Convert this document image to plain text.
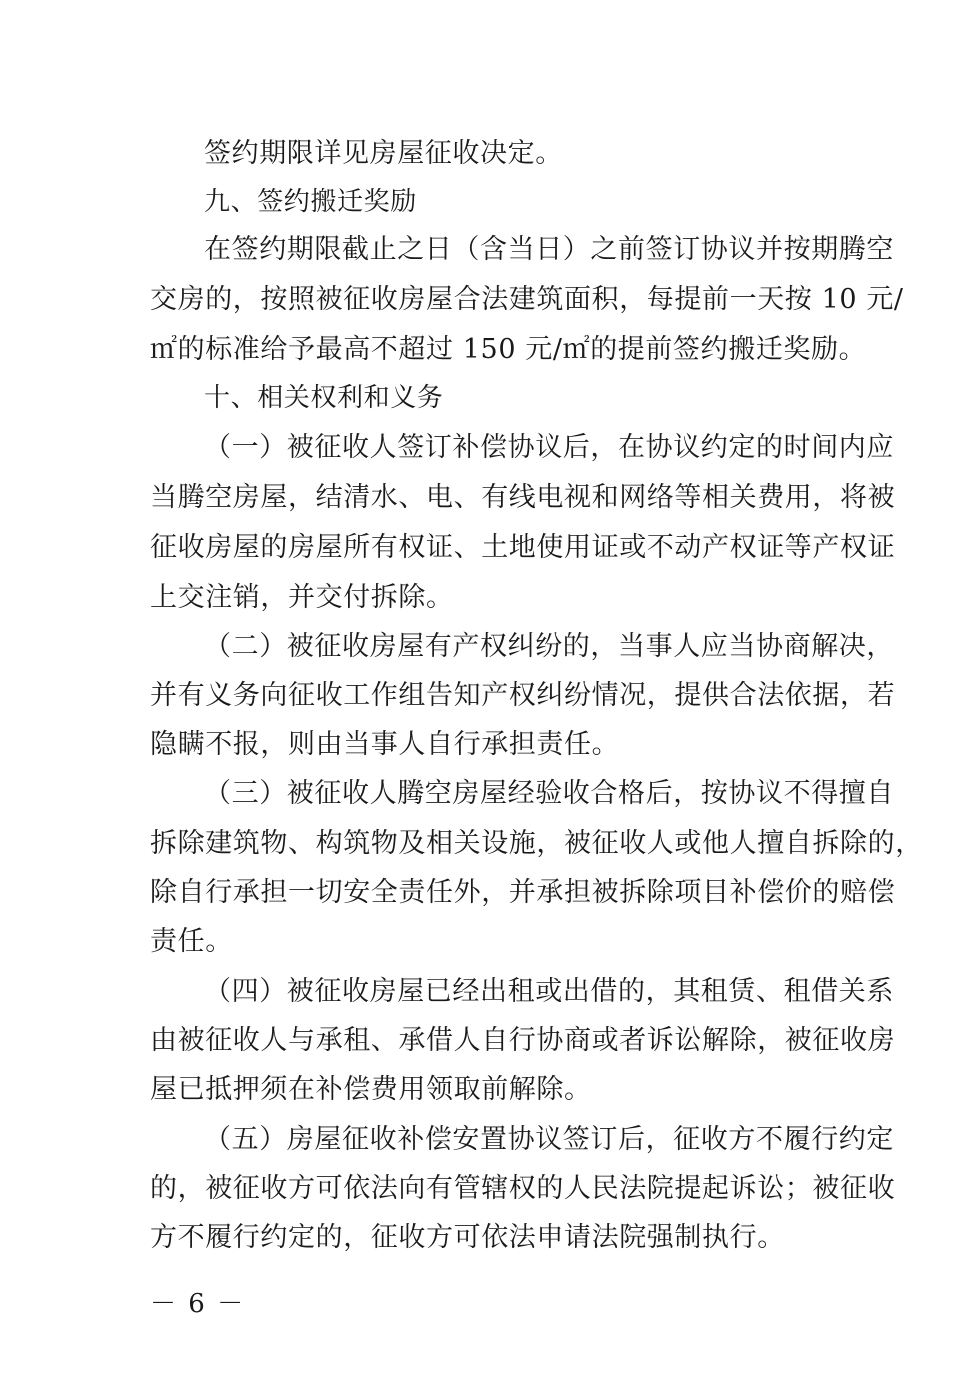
签约期限详见房屋征收决定。
九、签约搬迁奖励
在签约期限截止之日（含当日）之前签订协议并按期腾空
交房的，按照被征收房屋合法建筑面积，每提前一天按 10 元/
㎡的标准给予最高不超过 150 元/㎡的提前签约搬迁奖励。
十、相关权利和义务
（一）被征收人签订补偿协议后，在协议约定的时间内应
当腾空房屋，结清水、电、有线电视和网络等相关费用，将被
征收房屋的房屋所有权证、土地使用证或不动产权证等产权证
上交注销，并交付拆除。
（二）被征收房屋有产权纠纷的，当事人应当协商解决，
并有义务向征收工作组告知产权纠纷情况，提供合法依据，若
隐瞒不报，则由当事人自行承担责任。
（三）被征收人腾空房屋经验收合格后，按协议不得擅自
拆除建筑物、构筑物及相关设施，被征收人或他人擅自拆除的，
除自行承担一切安全责任外，并承担被拆除项目补偿价的赔偿
责任。
（四）被征收房屋已经出租或出借的，其租赁、租借关系
由被征收人与承租、承借人自行协商或者诉讼解除，被征收房
屋已抵押须在补偿费用领取前解除。
（五）房屋征收补偿安置协议签订后，征收方不履行约定
的，被征收方可依法向有管辖权的人民法院提起诉讼；被征收
方不履行约定的，征收方可依法申请法院强制执行。
－ 6 －
